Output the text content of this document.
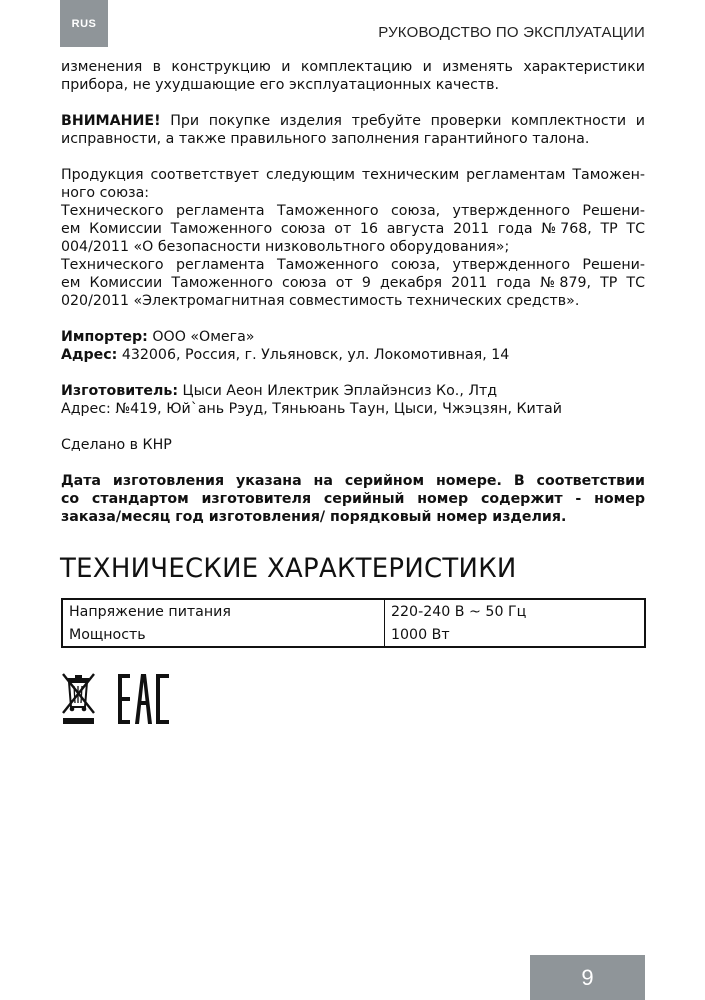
RUS
РУКОВОДСТВО ПО ЭКСПЛУАТАЦИИ

изменения в конструкцию и комплектацию и изменять характеристики
прибора, не ухудшающие его эксплуатационных качеств.

ВНИМАНИЕ! При покупке изделия требуйте проверки комплектности и
исправности, а также правильного заполнения гарантийного талона.

Продукция соответствует следующим техническим регламентам Таможен-
ного союза:
Технического регламента Таможенного союза, утвержденного Решени-
ем Комиссии Таможенного союза от 16 августа 2011 года №768, ТР ТС
004/2011 «О безопасности низковольтного оборудования»;
Технического регламента Таможенного союза, утвержденного Решени-
ем Комиссии Таможенного союза от 9 декабря 2011 года №879, ТР ТС
020/2011 «Электромагнитная совместимость технических средств».

Импортер: ООО «Омега»
Адрес: 432006, Россия, г. Ульяновск, ул. Локомотивная, 14

Изготовитель: Цыси Аеон Илектрик Эплайэнсиз Ко., Лтд
Адрес: №419, Юй`ань Рэуд, Тяньюань Таун, Цыси, Чжэцзян, Китай

Сделано в КНР

Дата изготовления указана на серийном номере. В соответствии
со стандартом изготовителя серийный номер содержит - номер
заказа/месяц год изготовления/ порядковый номер изделия.

ТЕХНИЧЕСКИЕ ХАРАКТЕРИСТИКИ
Напряжение питания	220-240 В ~ 50 Гц
Мощность	1000 Вт
9
